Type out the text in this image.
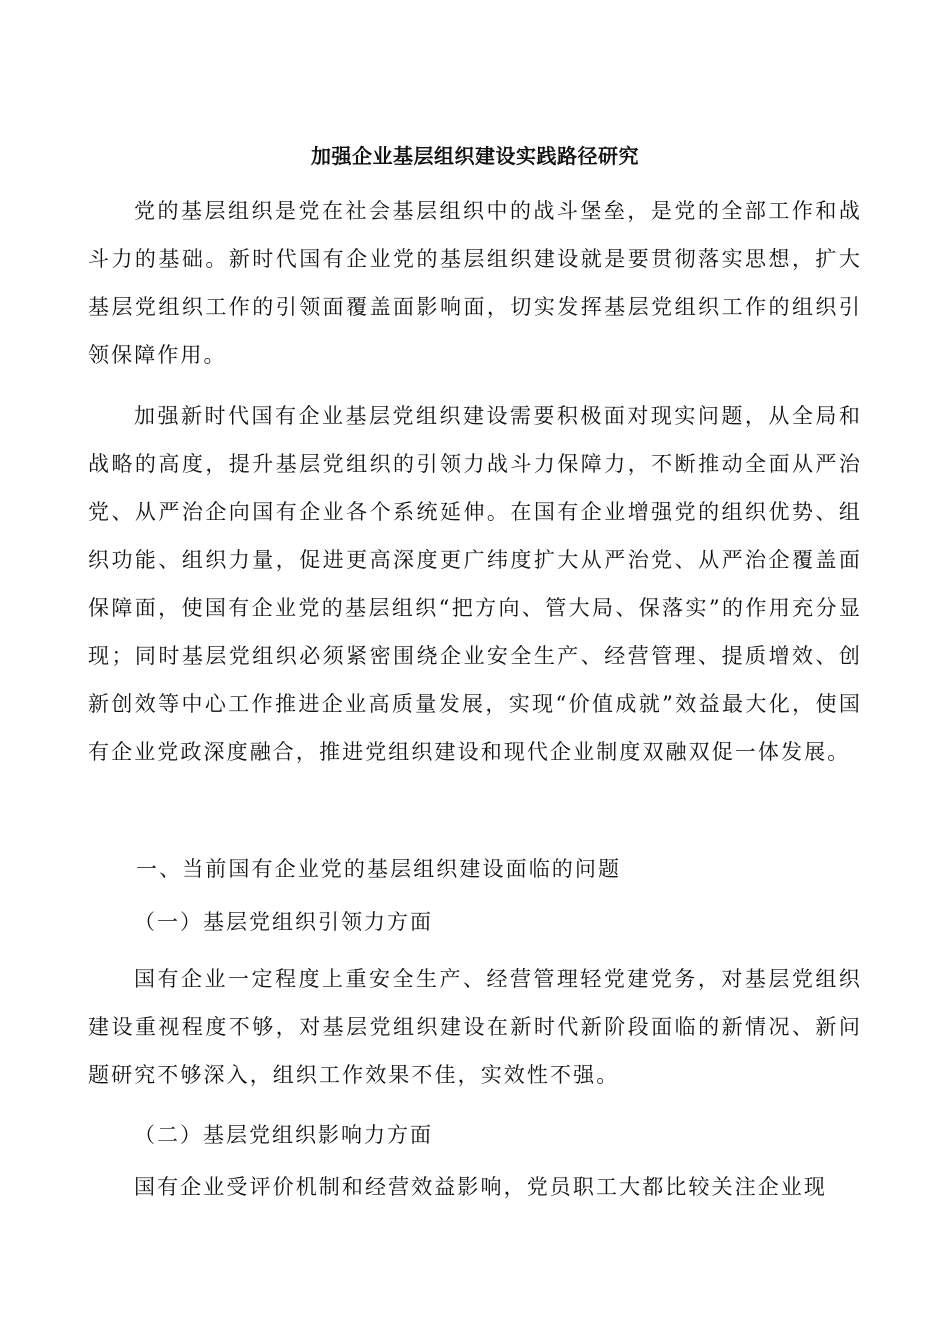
加强企业基层组织建设实践路径研究

党的基层组织是党在社会基层组织中的战斗堡垒，是党的全部工作和战斗力的基础。新时代国有企业党的基层组织建设就是要贯彻落实思想，扩大基层党组织工作的引领面覆盖面影响面，切实发挥基层党组织工作的组织引领保障作用。

加强新时代国有企业基层党组织建设需要积极面对现实问题，从全局和战略的高度，提升基层党组织的引领力战斗力保障力，不断推动全面从严治党、从严治企向国有企业各个系统延伸。在国有企业增强党的组织优势、组织功能、组织力量，促进更高深度更广纬度扩大从严治党、从严治企覆盖面保障面，使国有企业党的基层组织“把方向、管大局、保落实”的作用充分显现；同时基层党组织必须紧密围绕企业安全生产、经营管理、提质增效、创新创效等中心工作推进企业高质量发展，实现“价值成就”效益最大化，使国有企业党政深度融合，推进党组织建设和现代企业制度双融双促一体发展。

一、当前国有企业党的基层组织建设面临的问题

（一）基层党组织引领力方面

国有企业一定程度上重安全生产、经营管理轻党建党务，对基层党组织建设重视程度不够，对基层党组织建设在新时代新阶段面临的新情况、新问题研究不够深入，组织工作效果不佳，实效性不强。

（二）基层党组织影响力方面

国有企业受评价机制和经营效益影响，党员职工大都比较关注企业现
